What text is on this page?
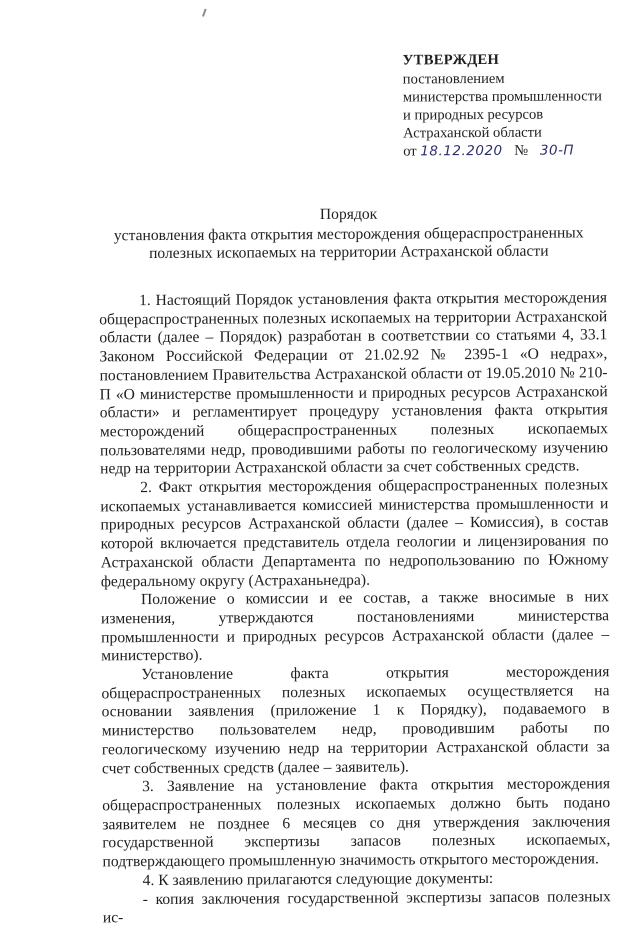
УТВЕРЖДЕН
постановлением
министерства промышленности
и природных ресурсов
Астраханской области
от 18.12.2020 № 30-П
Порядок
установления факта открытия месторождения общераспространенных
полезных ископаемых на территории Астраханской области

1. Настоящий Порядок установления факта открытия месторождения общераспространенных полезных ископаемых на территории Астраханской области (далее – Порядок) разработан в соответствии со статьями 4, 33.1 Законом Российской Федерации от 21.02.92 № 2395-1 «О недрах», постановлением Правительства Астраханской области от 19.05.2010 № 210-П «О министерстве промышленности и природных ресурсов Астраханской области» и регламентирует процедуру установления факта открытия месторождений общераспространенных полезных ископаемых пользователями недр, проводившими работы по геологическому изучению недр на территории Астраханской области за счет собственных средств.

2. Факт открытия месторождения общераспространенных полезных ископаемых устанавливается комиссией министерства промышленности и природных ресурсов Астраханской области (далее – Комиссия), в состав которой включается представитель отдела геологии и лицензирования по Астраханской области Департамента по недропользованию по Южному федеральному округу (Астраханьнедра).

Положение о комиссии и ее состав, а также вносимые в них изменения, утверждаются постановлениями министерства промышленности и природных ресурсов Астраханской области (далее – министерство).

Установление факта открытия месторождения общераспространенных полезных ископаемых осуществляется на основании заявления (приложение 1 к Порядку), подаваемого в министерство пользователем недр, проводившим работы по геологическому изучению недр на территории Астраханской области за счет собственных средств (далее – заявитель).

3. Заявление на установление факта открытия месторождения общераспространенных полезных ископаемых должно быть подано заявителем не позднее 6 месяцев со дня утверждения заключения государственной экспертизы запасов полезных ископаемых, подтверждающего промышленную значимость открытого месторождения.

4. К заявлению прилагаются следующие документы:

- копия заключения государственной экспертизы запасов полезных ис-
